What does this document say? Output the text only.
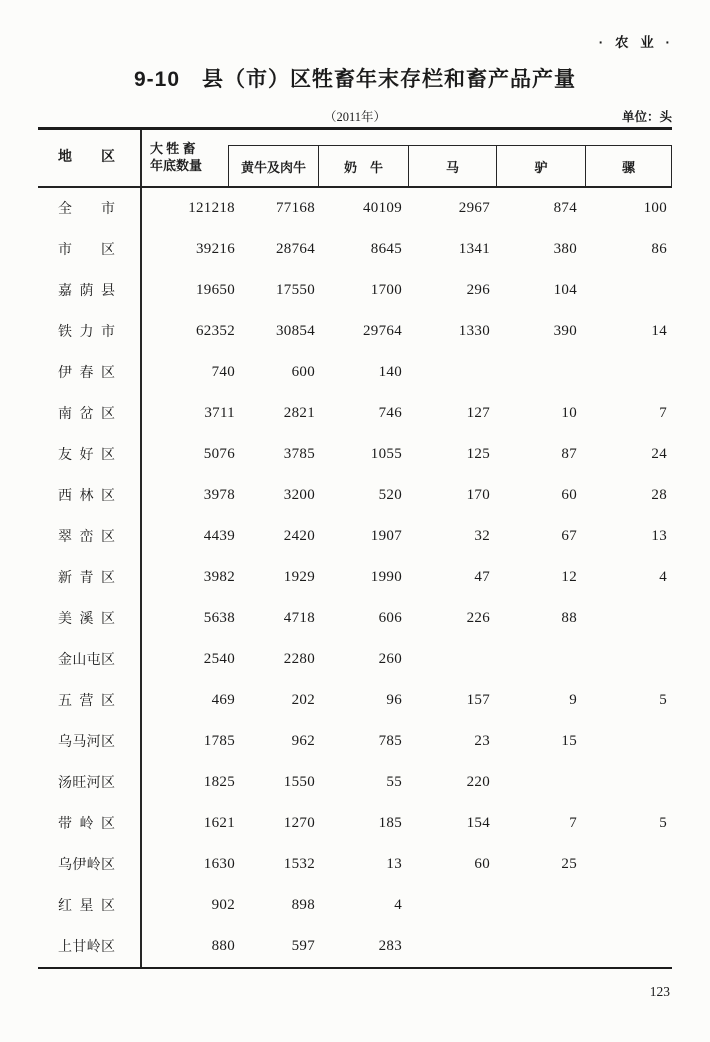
· 农 业 ·
9-10　县（市）区牲畜年末存栏和畜产品产量
（2011年）	单位：头
地区
大 牲 畜
年底数量	黄牛及肉牛	奶　牛	马	驴	骡
全市	121218	77168	40109	2967	874	100
市区	39216	28764	8645	1341	380	86
嘉荫县	19650	17550	1700	296	104
铁力市	62352	30854	29764	1330	390	14
伊春区	740	600	140
南岔区	3711	2821	746	127	10	7
友好区	5076	3785	1055	125	87	24
西林区	3978	3200	520	170	60	28
翠峦区	4439	2420	1907	32	67	13
新青区	3982	1929	1990	47	12	4
美溪区	5638	4718	606	226	88
金山屯区	2540	2280	260
五营区	469	202	96	157	9	5
乌马河区	1785	962	785	23	15
汤旺河区	1825	1550	55	220
带岭区	1621	1270	185	154	7	5
乌伊岭区	1630	1532	13	60	25
红星区	902	898	4
上甘岭区	880	597	283
123
